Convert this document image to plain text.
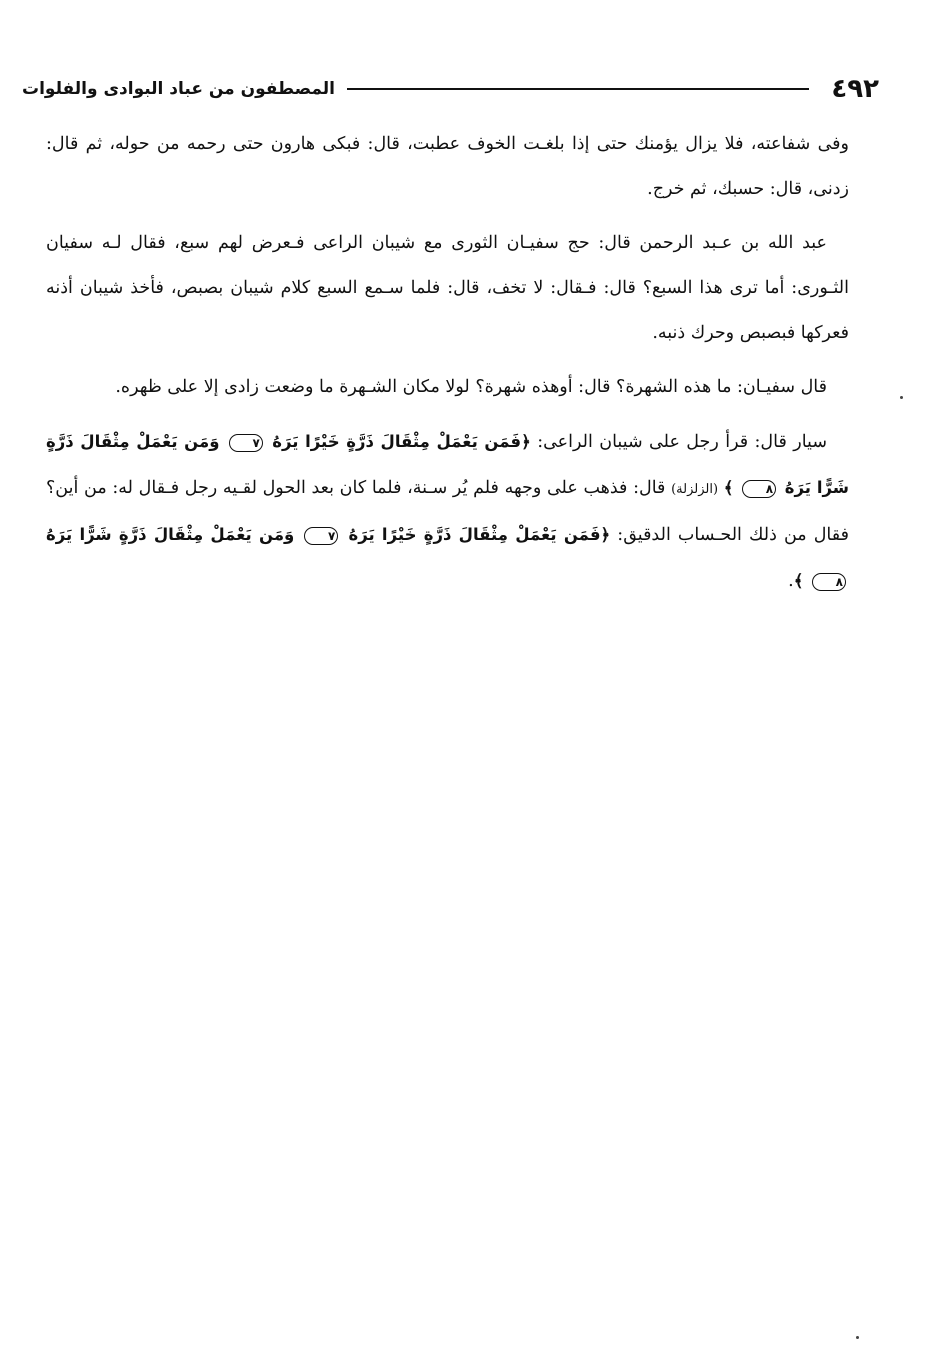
٤٩٢
المصطفون من عباد البوادى والفلوات

وفى شفاعته، فلا يزال يؤمنك حتى إذا بلغـت الخوف عطبت، قال: فبكى هارون حتى رحمه من حوله، ثم قال: زدنى، قال: حسبك، ثم خرج.

عبد الله بن عـبد الرحمن قال: حج سفيـان الثورى مع شيبان الراعى فـعرض لهم سبع، فقال لـه سفيان الثـورى: أما ترى هذا السبع؟ قال: فـقال: لا تخف، قال: فلما سـمع السبع كلام شيبان بصبص، فأخذ شيبان أذنه فعركها فبصبص وحرك ذنبه.

قال سفيـان: ما هذه الشهرة؟ قال: أوهذه شهرة؟ لولا مكان الشـهرة ما وضعت زادى إلا على ظهره.

سيار قال: قرأ رجل على شيبان الراعى: ﴿فَمَن يَعْمَلْ مِثْقَالَ ذَرَّةٍ خَيْرًا يَرَهُ ٧ وَمَن يَعْمَلْ مِثْقَالَ ذَرَّةٍ شَرًّا يَرَهُ ٨ ﴾ (الزلزلة) قال: فذهب على وجهه فلم يُر سـنة، فلما كان بعد الحول لقـيه رجل فـقال له: من أين؟ فقال من ذلك الحـساب الدقيق: ﴿فَمَن يَعْمَلْ مِثْقَالَ ذَرَّةٍ خَيْرًا يَرَهُ ٧ وَمَن يَعْمَلْ مِثْقَالَ ذَرَّةٍ شَرًّا يَرَهُ ٨ ﴾.
